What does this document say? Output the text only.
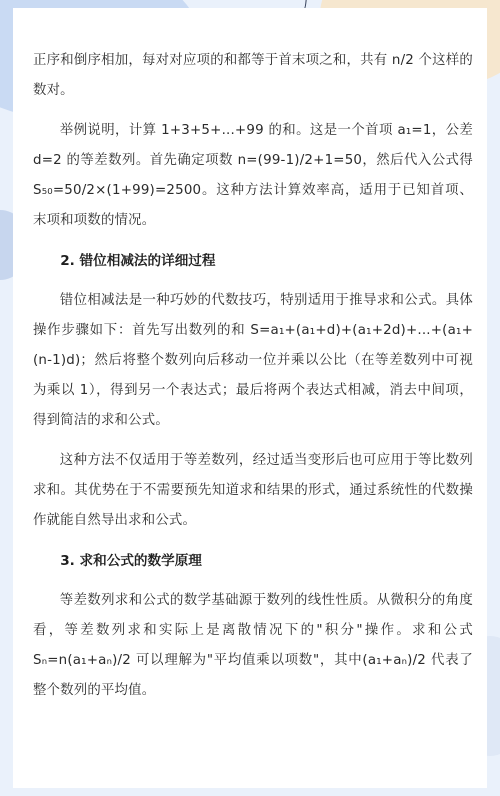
正序和倒序相加，每对对应项的和都等于首末项之和，共有 n/2 个这样的数对。

举例说明，计算 1+3+5+...+99 的和。这是一个首项 a₁=1，公差 d=2 的等差数列。首先确定项数 n=(99-1)/2+1=50，然后代入公式得 S₅₀=50/2×(1+99)=2500。这种方法计算效率高，适用于已知首项、末项和项数的情况。

2. 错位相减法的详细过程

错位相减法是一种巧妙的代数技巧，特别适用于推导求和公式。具体操作步骤如下：首先写出数列的和 S=a₁+(a₁+d)+(a₁+2d)+...+(a₁+(n-1)d)；然后将整个数列向后移动一位并乘以公比（在等差数列中可视为乘以 1），得到另一个表达式；最后将两个表达式相减，消去中间项，得到简洁的求和公式。

这种方法不仅适用于等差数列，经过适当变形后也可应用于等比数列求和。其优势在于不需要预先知道求和结果的形式，通过系统性的代数操作就能自然导出求和公式。

3. 求和公式的数学原理

等差数列求和公式的数学基础源于数列的线性性质。从微积分的角度看，等差数列求和实际上是离散情况下的"积分"操作。求和公式 Sₙ=n(a₁+aₙ)/2 可以理解为"平均值乘以项数"，其中(a₁+aₙ)/2 代表了整个数列的平均值。
